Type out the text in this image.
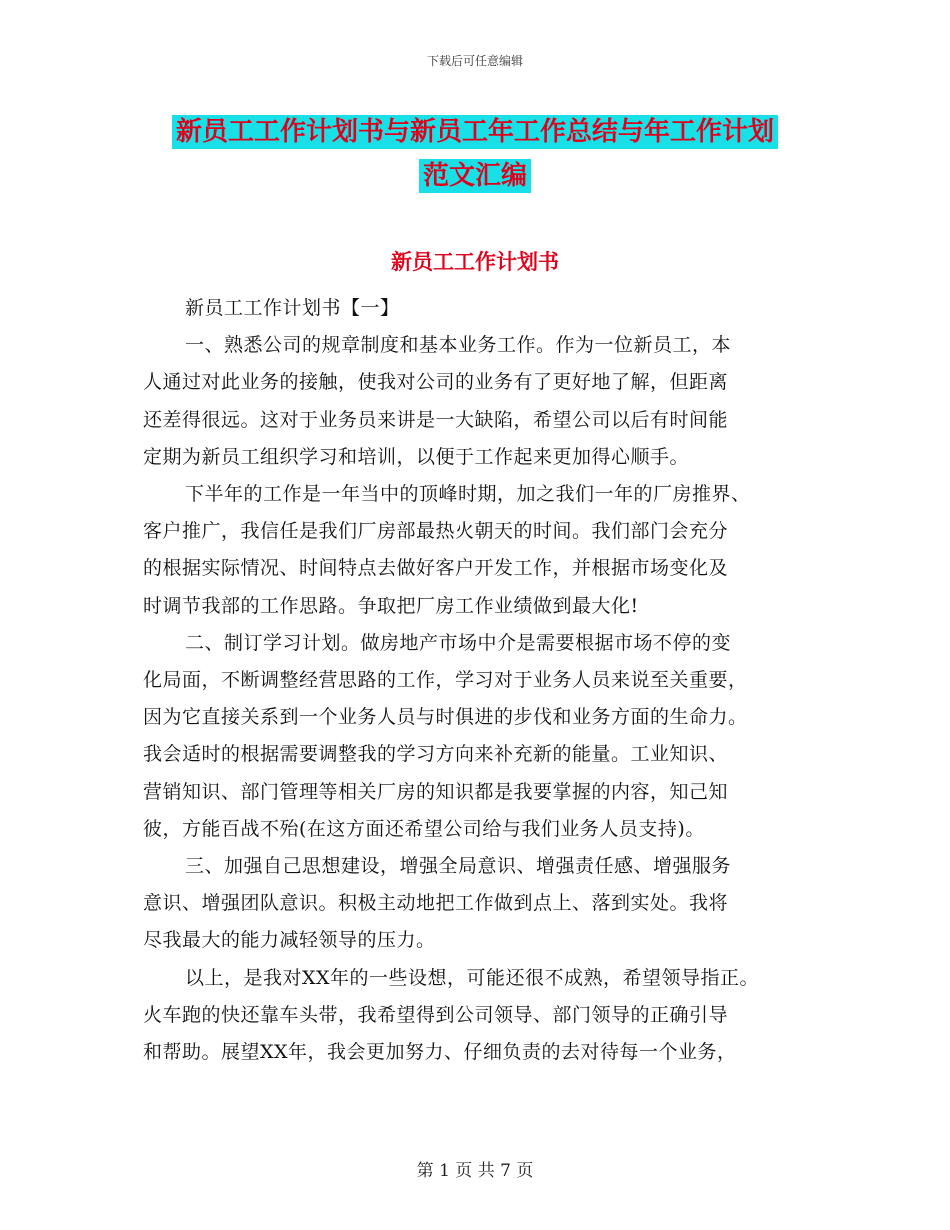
下载后可任意编辑
新员工工作计划书与新员工年工作总结与年工作计划
范文汇编
新员工工作计划书

新员工工作计划书【一】

一、熟悉公司的规章制度和基本业务工作。作为一位新员工，本
人通过对此业务的接触，使我对公司的业务有了更好地了解，但距离
还差得很远。这对于业务员来讲是一大缺陷，希望公司以后有时间能
定期为新员工组织学习和培训，以便于工作起来更加得心顺手。

下半年的工作是一年当中的顶峰时期，加之我们一年的厂房推界、
客户推广，我信任是我们厂房部最热火朝天的时间。我们部门会充分
的根据实际情况、时间特点去做好客户开发工作，并根据市场变化及
时调节我部的工作思路。争取把厂房工作业绩做到最大化!

二、制订学习计划。做房地产市场中介是需要根据市场不停的变
化局面，不断调整经营思路的工作，学习对于业务人员来说至关重要，
因为它直接关系到一个业务人员与时俱进的步伐和业务方面的生命力。
我会适时的根据需要调整我的学习方向来补充新的能量。工业知识、
营销知识、部门管理等相关厂房的知识都是我要掌握的内容，知己知
彼，方能百战不殆(在这方面还希望公司给与我们业务人员支持)。

三、加强自己思想建设，增强全局意识、增强责任感、增强服务
意识、增强团队意识。积极主动地把工作做到点上、落到实处。我将
尽我最大的能力减轻领导的压力。

以上，是我对XX年的一些设想，可能还很不成熟，希望领导指正。
火车跑的快还靠车头带，我希望得到公司领导、部门领导的正确引导
和帮助。展望XX年，我会更加努力、仔细负责的去对待每一个业务，

第 1 页 共 7 页
